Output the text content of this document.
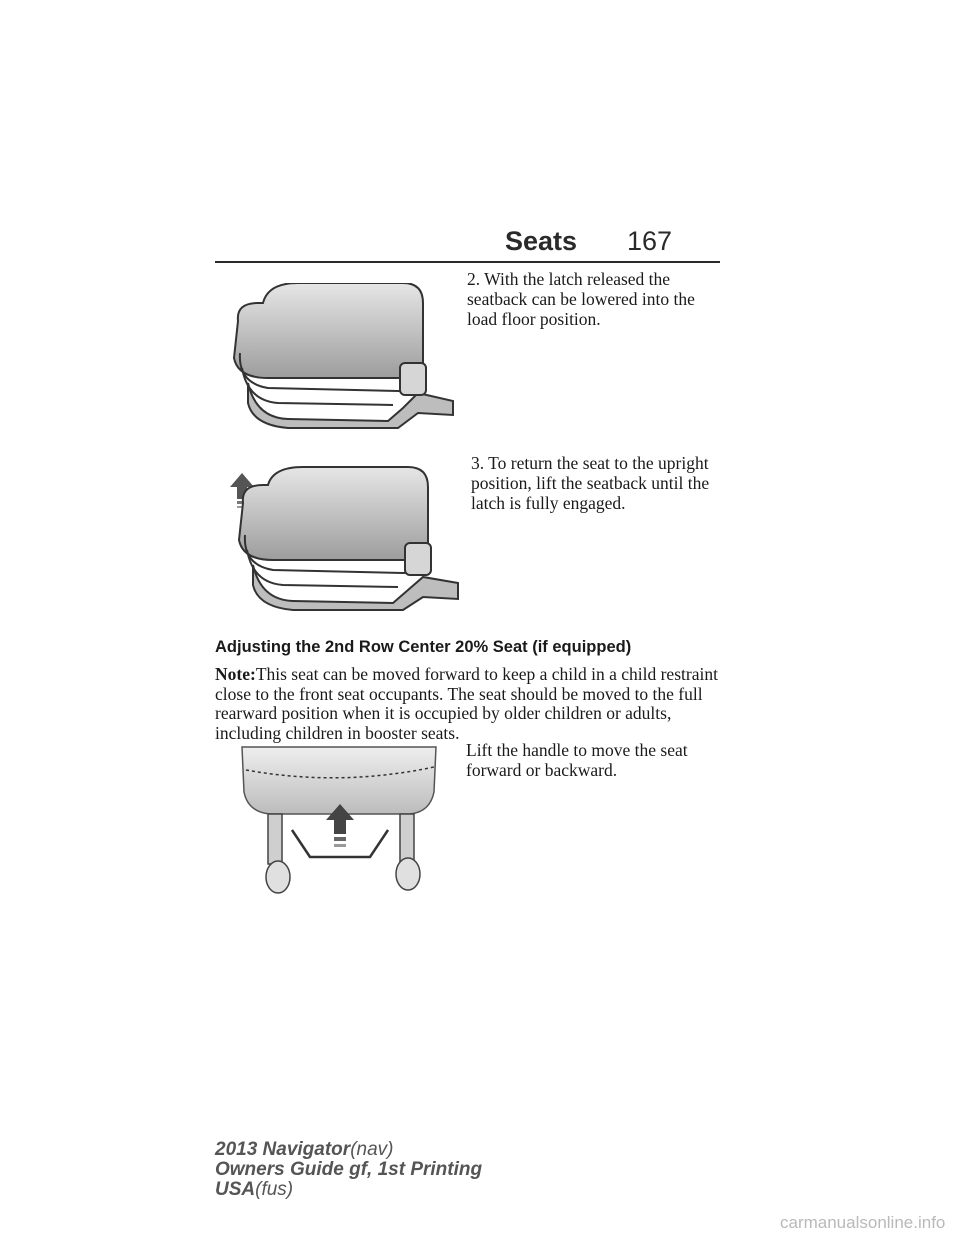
Seats 167
2. With the latch released the
seatback can be lowered into the
load floor position.
3. To return the seat to the upright
position, lift the seatback until the
latch is fully engaged.
Adjusting the 2nd Row Center 20% Seat (if equipped)
Note:This seat can be moved forward to keep a child in a child restraint
close to the front seat occupants. The seat should be moved to the full
rearward position when it is occupied by older children or adults,
including children in booster seats.
Lift the handle to move the seat
forward or backward.
2013 Navigator(nav)
Owners Guide gf, 1st Printing
USA(fus)
carmanualsonline.info
